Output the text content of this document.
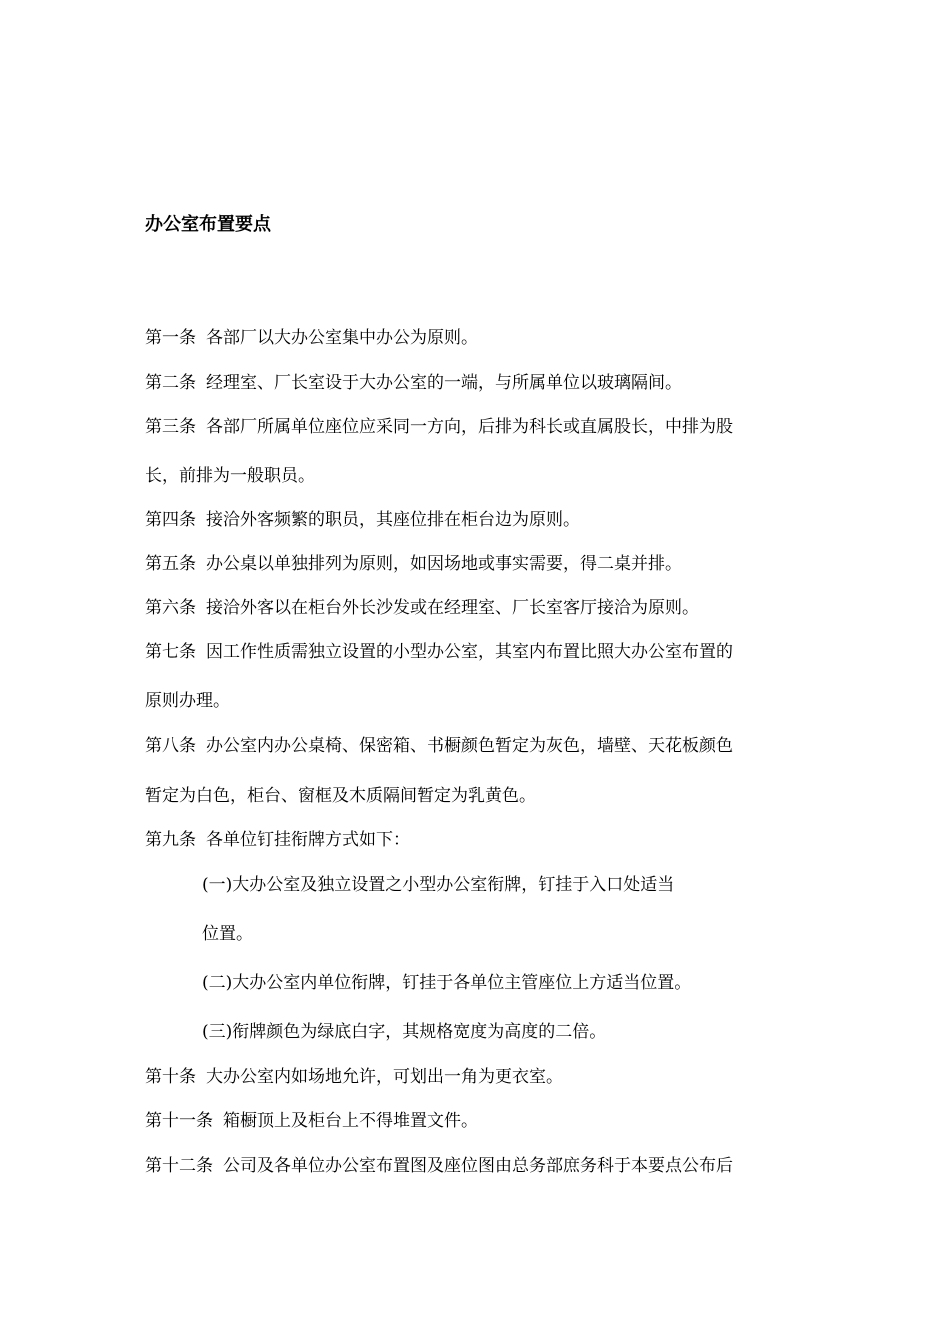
办公室布置要点
第一条 各部厂以大办公室集中办公为原则。
第二条 经理室、厂长室设于大办公室的一端，与所属单位以玻璃隔间。
第三条 各部厂所属单位座位应采同一方向，后排为科长或直属股长，中排为股
长，前排为一般职员。
第四条 接洽外客频繁的职员，其座位排在柜台边为原则。
第五条 办公桌以单独排列为原则，如因场地或事实需要，得二桌并排。
第六条 接洽外客以在柜台外长沙发或在经理室、厂长室客厅接洽为原则。
第七条 因工作性质需独立设置的小型办公室，其室内布置比照大办公室布置的
原则办理。
第八条 办公室内办公桌椅、保密箱、书橱颜色暂定为灰色，墙壁、天花板颜色
暂定为白色，柜台、窗框及木质隔间暂定为乳黄色。
第九条 各单位钉挂衔牌方式如下：
(一)大办公室及独立设置之小型办公室衔牌，钉挂于入口处适当
位置。
(二)大办公室内单位衔牌，钉挂于各单位主管座位上方适当位置。
(三)衔牌颜色为绿底白字，其规格宽度为高度的二倍。
第十条 大办公室内如场地允许，可划出一角为更衣室。
第十一条 箱橱顶上及柜台上不得堆置文件。
第十二条 公司及各单位办公室布置图及座位图由总务部庶务科于本要点公布后
